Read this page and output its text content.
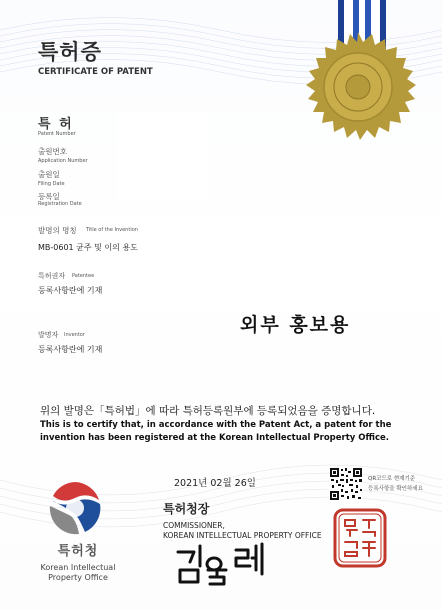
특허증
CERTIFICATE OF PATENT
특 허
Patent Number
출원번호
Application Number
출원일
Filing Date
등록일
Registration Date
발명의 명칭 Title of the Invention
MB-0601 균주 및 이의 용도
특허권자 Patentee
등록사항란에 기재
발명자 Inventor
등록사항란에 기재
외부 홍보용
위의 발명은「특허법」에 따라 특허등록원부에 등록되었음을 증명합니다.
This is to certify that, in accordance with the Patent Act, a patent for the
invention has been registered at the Korean Intellectual Property Office.
2021년 02월 26일	QR코드로 현재기준
등록사항을 확인하세요
특허청장
COMMISSIONER,
KOREAN INTELLECTUAL PROPERTY OFFICE
특허청
Korean Intellectual
Property Office
